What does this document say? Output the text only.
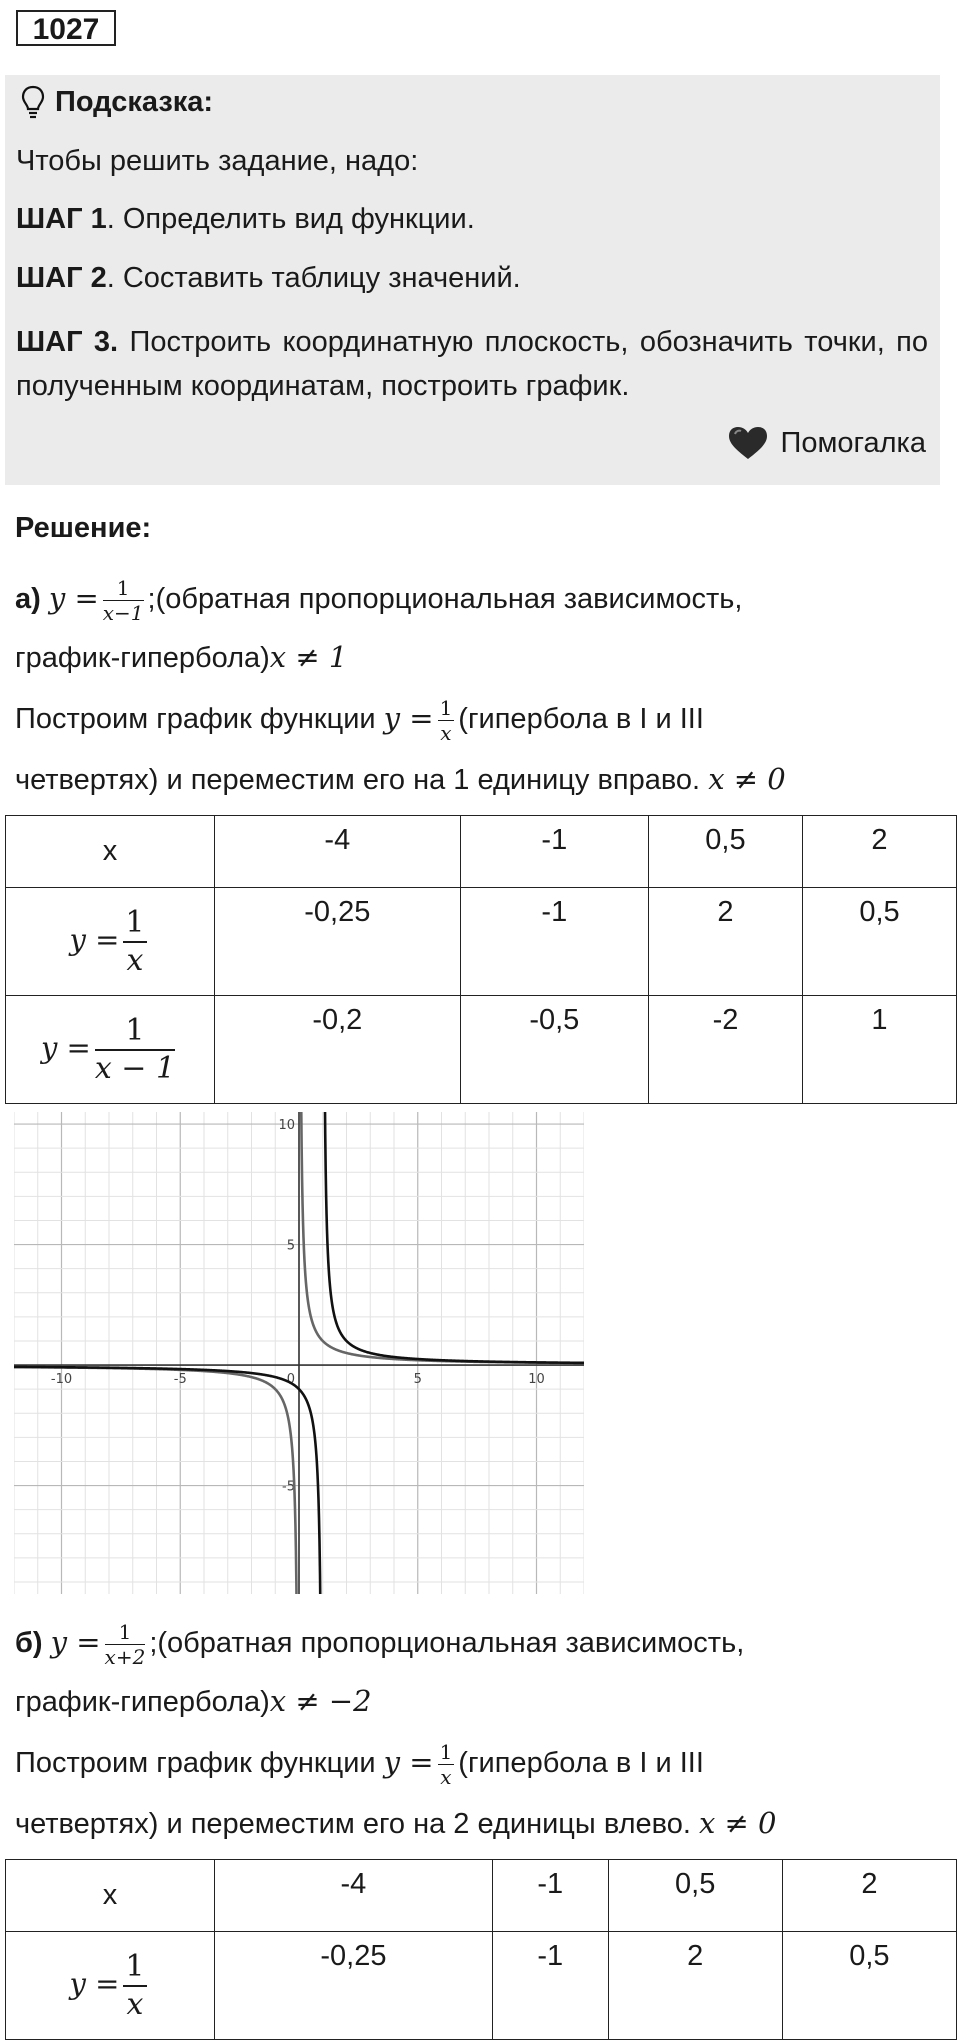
1027
Подсказка:
Чтобы решить задание, надо:
ШАГ 1. Определить вид функции.
ШАГ 2. Составить таблицу значений.
ШАГ 3. Построить координатную плоскость, обозначить точки, по полученным координатам, построить график.
Помогалка
Решение:
а) $y = \frac{1}{x-1}$ ;(обратная пропорциональная зависимость,
график-гипербола)x ≠ 1
Построим график функции $y = \frac{1}{x}$ (гипербола в I и III
четвертях) и переместим его на 1 единицу вправо. x ≠ 0
x	-4	-1	0,5	2
$y = \frac{1}{x}$	-0,25	-1	2	0,5
$y = \frac{1}{x - 1}$	-0,2	-0,5	-2	1
-10	-5	5	10
10
5
-5
0
б) $y = \frac{1}{x+2}$ ;(обратная пропорциональная зависимость,
график-гипербола)x ≠ −2
Построим график функции $y = \frac{1}{x}$ (гипербола в I и III
четвертях) и переместим его на 2 единицы влево. x ≠ 0
x	-4	-1	0,5	2
$y = \frac{1}{x}$	-0,25	-1	2	0,5
